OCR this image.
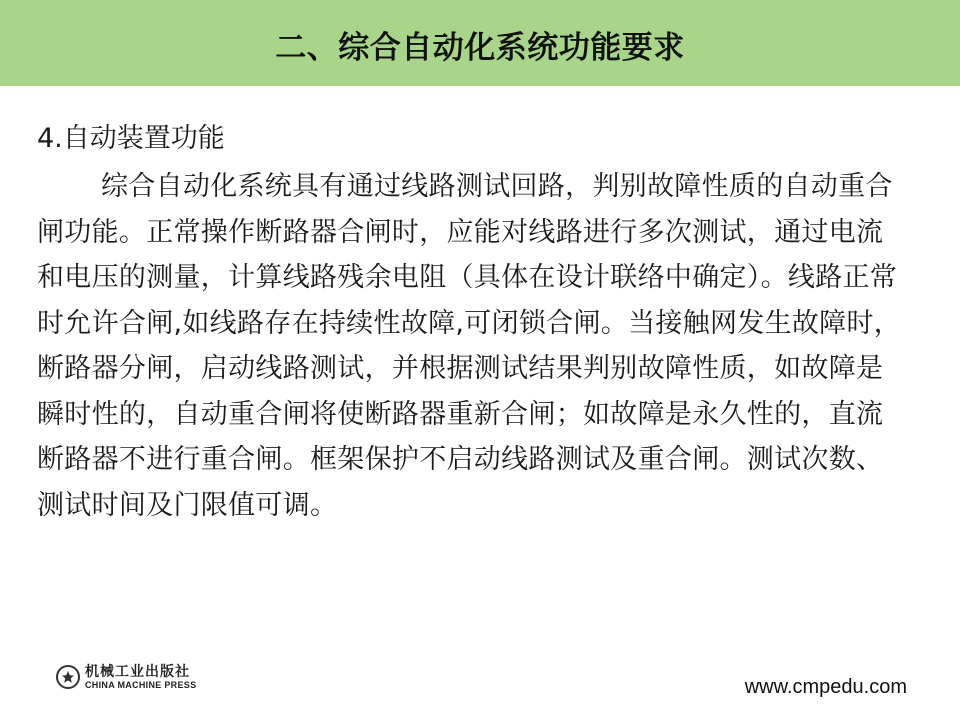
二、综合自动化系统功能要求

4.自动装置功能

综合自动化系统具有通过线路测试回路，判别故障性质的自动重合闸功能。正常操作断路器合闸时，应能对线路进行多次测试，通过电流和电压的测量，计算线路残余电阻（具体在设计联络中确定）。线路正常时允许合闸,如线路存在持续性故障,可闭锁合闸。当接触网发生故障时，断路器分闸，启动线路测试，并根据测试结果判别故障性质，如故障是瞬时性的，自动重合闸将使断路器重新合闸；如故障是永久性的，直流断路器不进行重合闸。框架保护不启动线路测试及重合闸。测试次数、测试时间及门限值可调。

机械工业出版社
CHINA MACHINE PRESS	www.cmpedu.com
